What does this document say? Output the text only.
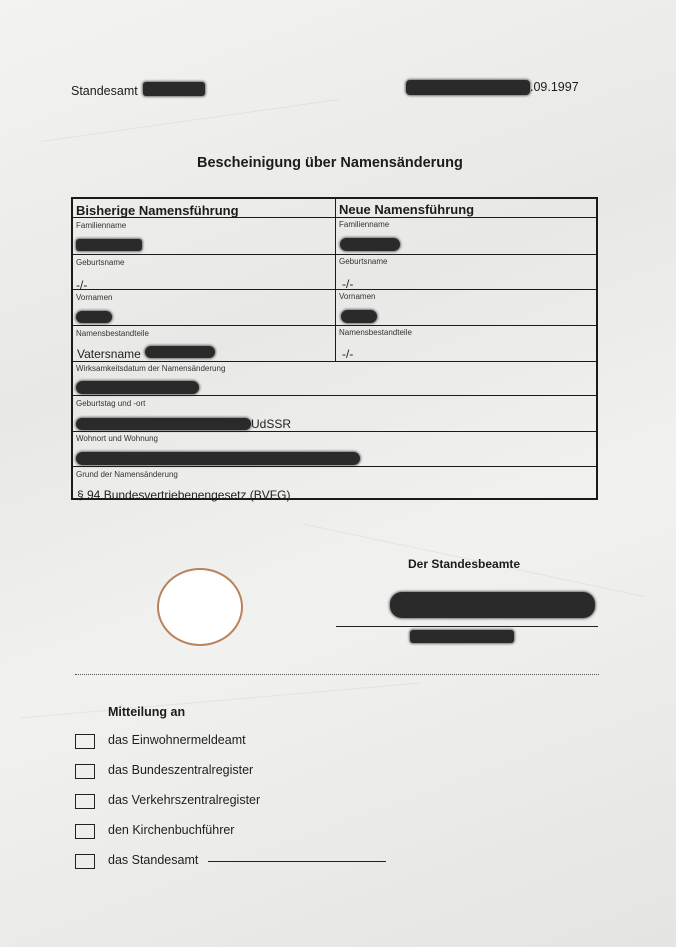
Standesamt	.09.1997
Bescheinigung über Namensänderung
Bisherige Namensführung	Neue Namensführung
Familienname	Familienname
Geburtsname	Geburtsname
-/-	-/-
Vornamen	Vornamen
Namensbestandteile	Namensbestandteile
Vatersname	-/-
Wirksamkeitsdatum der Namensänderung
Geburtstag und -ort
UdSSR
Wohnort und Wohnung
Grund der Namensänderung
§ 94 Bundesvertriebenengesetz (BVFG)
Der Standesbeamte
Mitteilung an
das Einwohnermeldeamt
das Bundeszentralregister
das Verkehrszentralregister
den Kirchenbuchführer
das Standesamt
